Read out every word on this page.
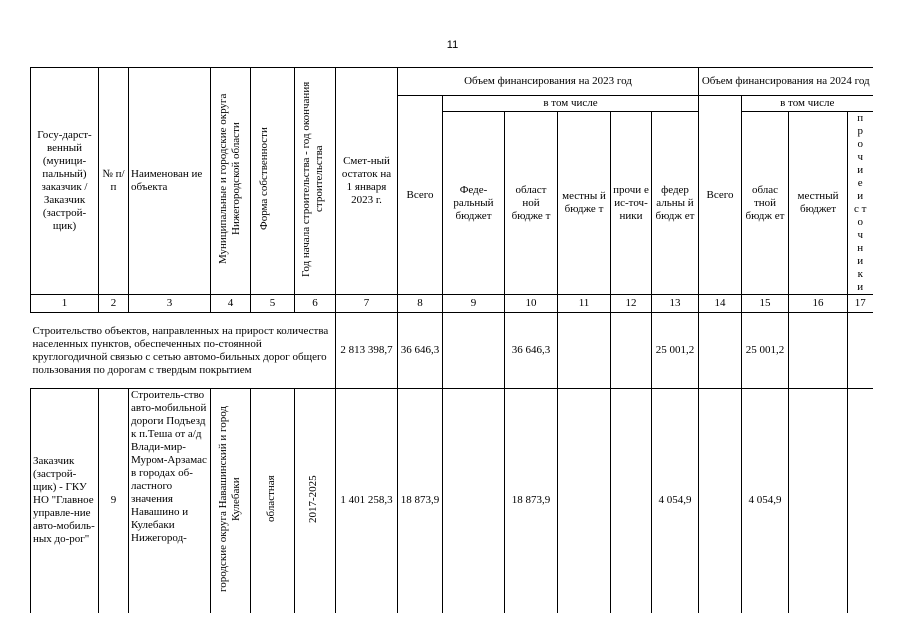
11
Госу-дарст-венный (муници-пальный) заказчик / Заказчик (застрой-щик)	№ п/п	Наименован ие объекта	Муниципальные и городские округа Нижегородской области	Форма собственности	Год начала строительства - год окончания строительства	Смет-ный остаток на 1 января 2023 г.	Объем финансирования на 2023 год						Объем финансирования на 2024 год			
							Всего	в том числе					Всего	в том числе		
								Феде-ральный бюджет	област ной бюдже т	местны й бюдже т	прочи е ис-точ-ники	федер альны й бюдж ет		облас тной бюдж ет	местный бюджет	п р о ч и е и с т о ч н и к и
1	2	3	4	5	6	7	8	9	10	11	12	13	14	15	16	17
Строительство объектов, направленных на прирост количества населенных пунктов, обеспеченных по-стоянной круглогодичной связью с сетью автомо-бильных дорог общего пользования по дорогам с твердым покрытием						2 813 398,7	36 646,3		36 646,3			25 001,2		25 001,2		
Заказчик (застрой-щик) - ГКУ НО "Главное управле-ние авто-мобиль-ных до-рог"	9	Строитель-ство авто-мобильной дороги Подъезд к п.Теша от а/д Влади-мир-Муром-Арзамас в городах об-ластного значения Навашино и Кулебаки Нижегород-	городские округа Навашинский и город Кулебаки	областная	2017-2025	1 401 258,3	18 873,9		18 873,9			4 054,9		4 054,9		
